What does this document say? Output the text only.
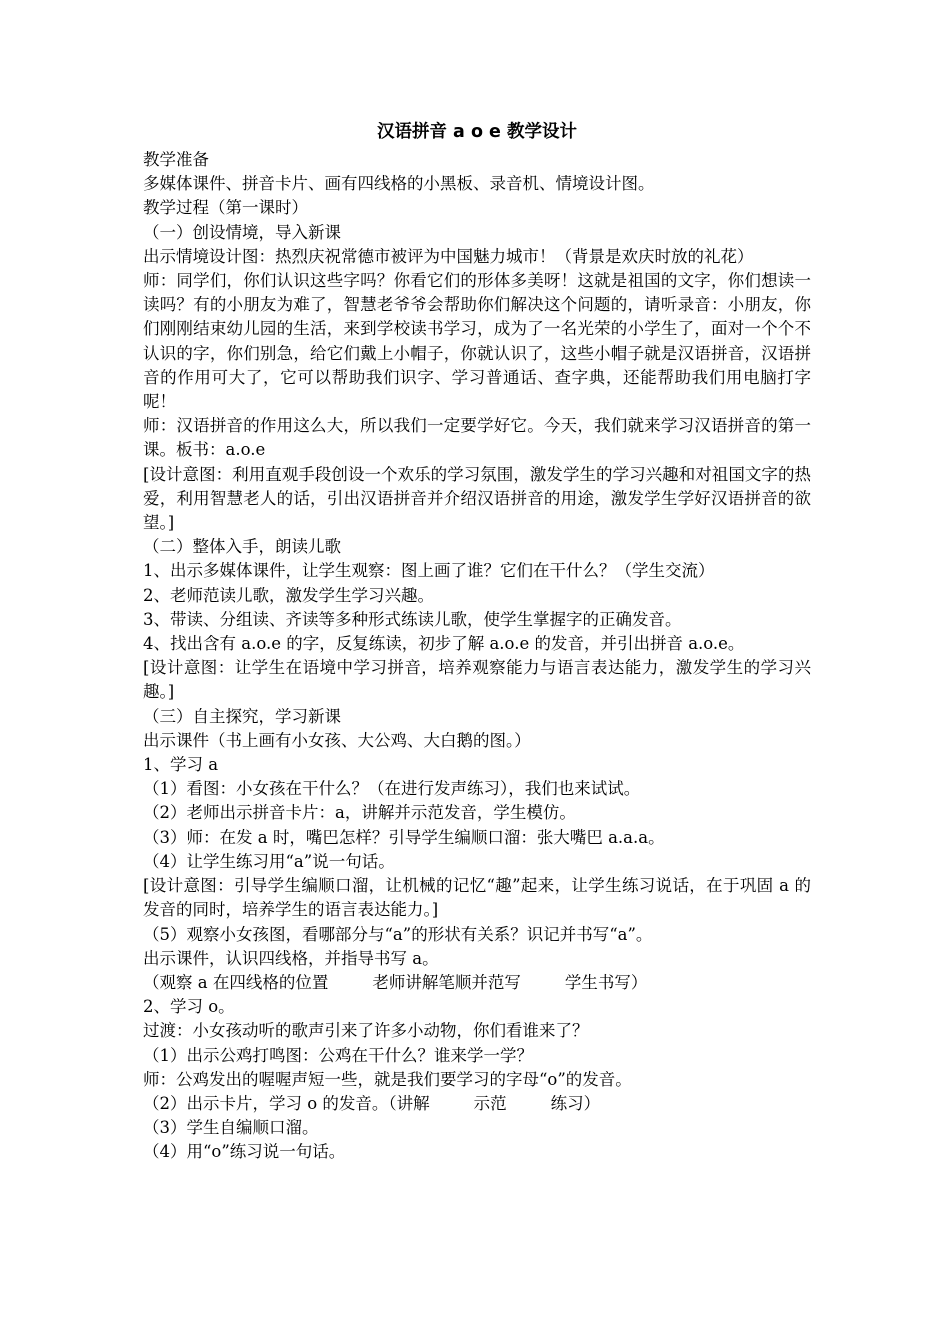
汉语拼音 a o e 教学设计

教学准备

多媒体课件、拼音卡片、画有四线格的小黑板、录音机、情境设计图。

教学过程（第一课时）

（一）创设情境，导入新课

出示情境设计图：热烈庆祝常德市被评为中国魅力城市！（背景是欢庆时放的礼花）

师：同学们，你们认识这些字吗？你看它们的形体多美呀！这就是祖国的文字，你们想读一读吗？有的小朋友为难了，智慧老爷爷会帮助你们解决这个问题的，请听录音：小朋友，你们刚刚结束幼儿园的生活，来到学校读书学习，成为了一名光荣的小学生了，面对一个个不认识的字，你们别急，给它们戴上小帽子，你就认识了，这些小帽子就是汉语拼音，汉语拼音的作用可大了，它可以帮助我们识字、学习普通话、查字典，还能帮助我们用电脑打字呢！

师：汉语拼音的作用这么大，所以我们一定要学好它。今天，我们就来学习汉语拼音的第一课。板书：a.o.e

[设计意图：利用直观手段创设一个欢乐的学习氛围，激发学生的学习兴趣和对祖国文字的热爱，利用智慧老人的话，引出汉语拼音并介绍汉语拼音的用途，激发学生学好汉语拼音的欲望。]

（二）整体入手，朗读儿歌

1、出示多媒体课件，让学生观察：图上画了谁？它们在干什么？（学生交流）

2、老师范读儿歌，激发学生学习兴趣。

3、带读、分组读、齐读等多种形式练读儿歌，使学生掌握字的正确发音。

4、找出含有 a.o.e 的字，反复练读，初步了解 a.o.e 的发音，并引出拼音 a.o.e。

[设计意图：让学生在语境中学习拼音，培养观察能力与语言表达能力，激发学生的学习兴趣。]

（三）自主探究，学习新课

出示课件（书上画有小女孩、大公鸡、大白鹅的图。）

1、学习 a

（1）看图：小女孩在干什么？（在进行发声练习），我们也来试试。

（2）老师出示拼音卡片：a，讲解并示范发音，学生模仿。

（3）师：在发 a 时，嘴巴怎样？引导学生编顺口溜：张大嘴巴 a.a.a。

（4）让学生练习用“a”说一句话。

[设计意图：引导学生编顺口溜，让机械的记忆“趣”起来，让学生练习说话，在于巩固 a 的发音的同时，培养学生的语言表达能力。]

（5）观察小女孩图，看哪部分与“a”的形状有关系？识记并书写“a”。

出示课件，认识四线格，并指导书写 a。

（观察 a 在四线格的位置	老师讲解笔顺并范写	学生书写）

2、学习 o。

过渡：小女孩动听的歌声引来了许多小动物，你们看谁来了？

（1）出示公鸡打鸣图：公鸡在干什么？谁来学一学？

师：公鸡发出的喔喔声短一些，就是我们要学习的字母“o”的发音。

（2）出示卡片，学习 o 的发音。（讲解	示范	练习）

（3）学生自编顺口溜。

（4）用“o”练习说一句话。
